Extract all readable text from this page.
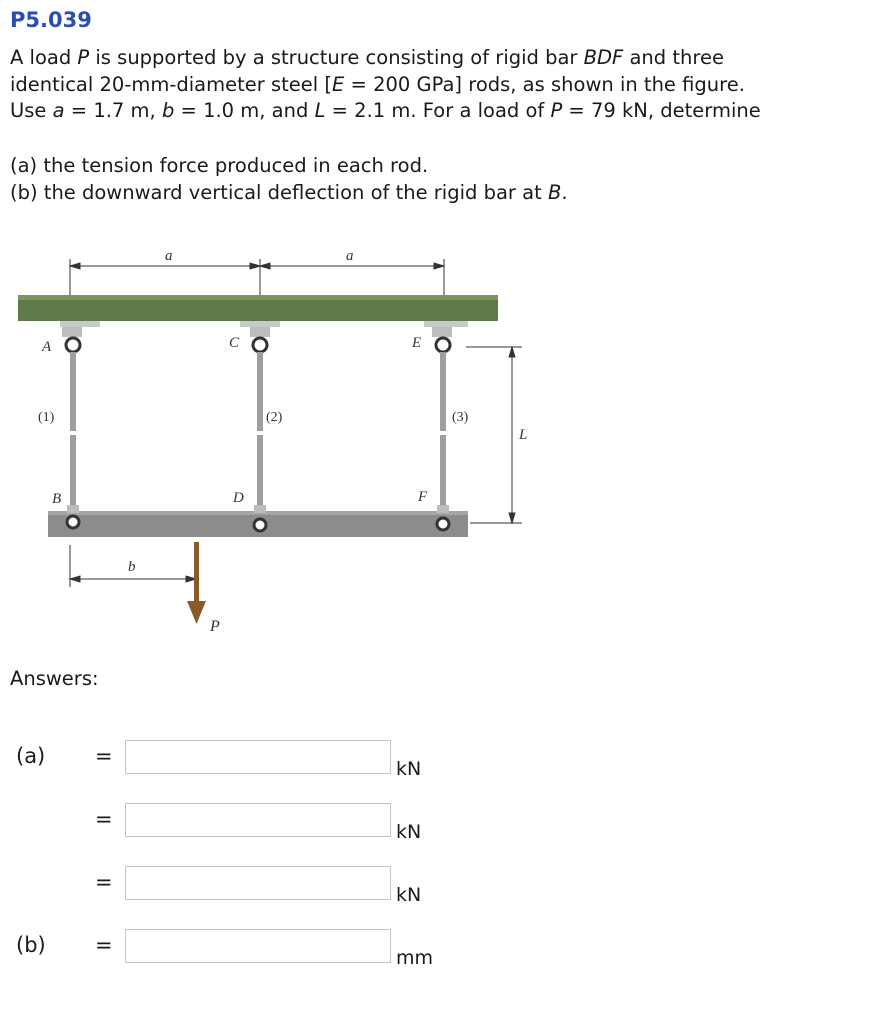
P5.039

A load P is supported by a structure consisting of rigid bar BDF and three

identical 20-mm-diameter steel [E = 200 GPa] rods, as shown in the figure.

Use a = 1.7 m, b = 1.0 m, and L = 2.1 m. For a load of P = 79 kN, determine

(a) the tension force produced in each rod.

(b) the downward vertical deflection of the rigid bar at B.

a	a
A	C	E
(1)	(2)	(3)
L
B	D	F
b
P
Answers:
(a) =
kN
=
kN
=
kN
(b) =
mm
